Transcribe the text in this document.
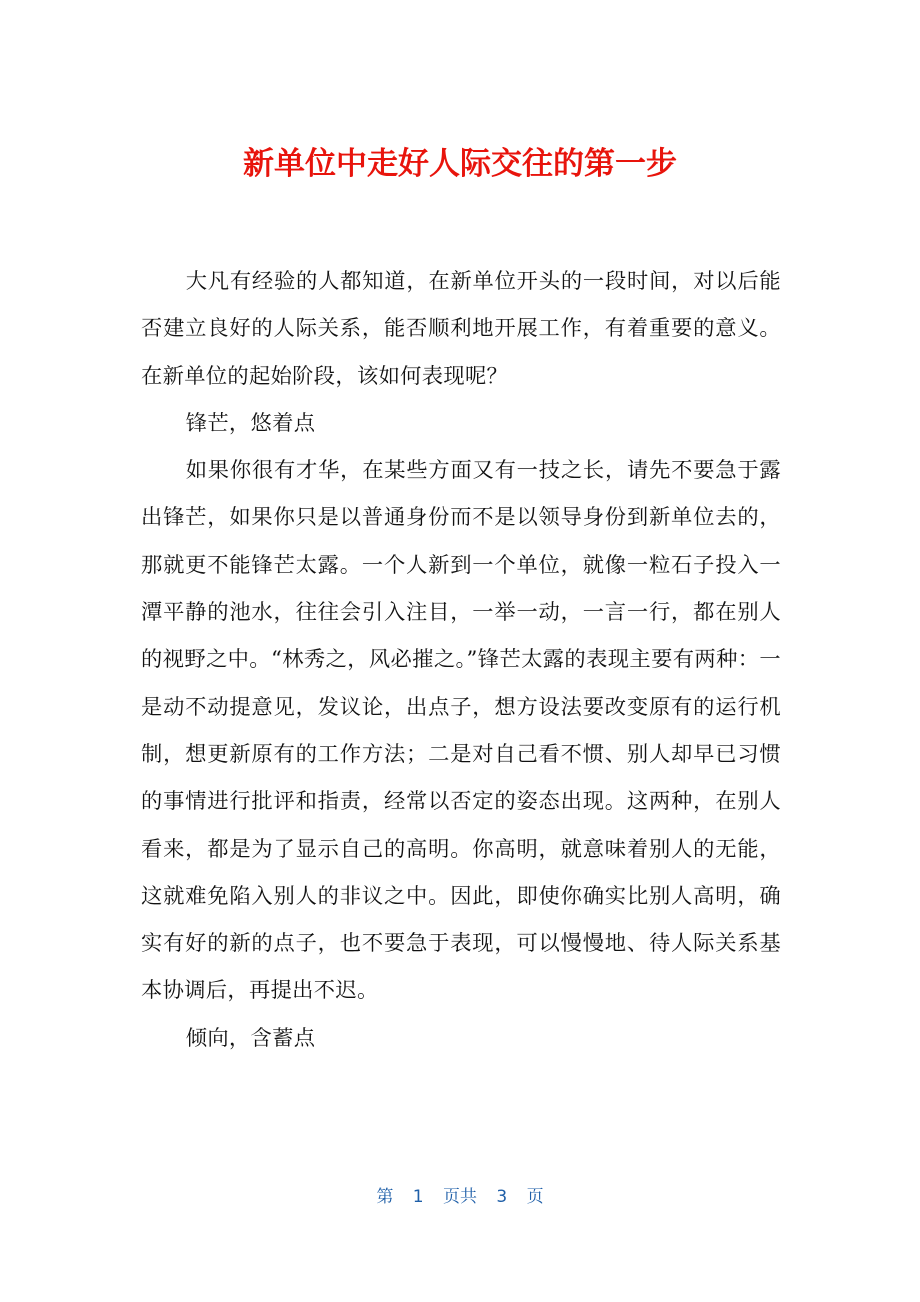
新单位中走好人际交往的第一步

大凡有经验的人都知道，在新单位开头的一段时间，对以后能否建立良好的人际关系，能否顺利地开展工作，有着重要的意义。在新单位的起始阶段，该如何表现呢？

锋芒，悠着点

如果你很有才华，在某些方面又有一技之长，请先不要急于露出锋芒，如果你只是以普通身份而不是以领导身份到新单位去的，那就更不能锋芒太露。一个人新到一个单位，就像一粒石子投入一潭平静的池水，往往会引入注目，一举一动，一言一行，都在别人的视野之中。“林秀之，风必摧之。”锋芒太露的表现主要有两种：一是动不动提意见，发议论，出点子，想方设法要改变原有的运行机制，想更新原有的工作方法；二是对自己看不惯、别人却早已习惯的事情进行批评和指责，经常以否定的姿态出现。这两种，在别人看来，都是为了显示自己的高明。你高明，就意味着别人的无能，这就难免陷入别人的非议之中。因此，即使你确实比别人高明，确实有好的新的点子，也不要急于表现，可以慢慢地、待人际关系基本协调后，再提出不迟。

倾向，含蓄点

第 1 页共 3 页
